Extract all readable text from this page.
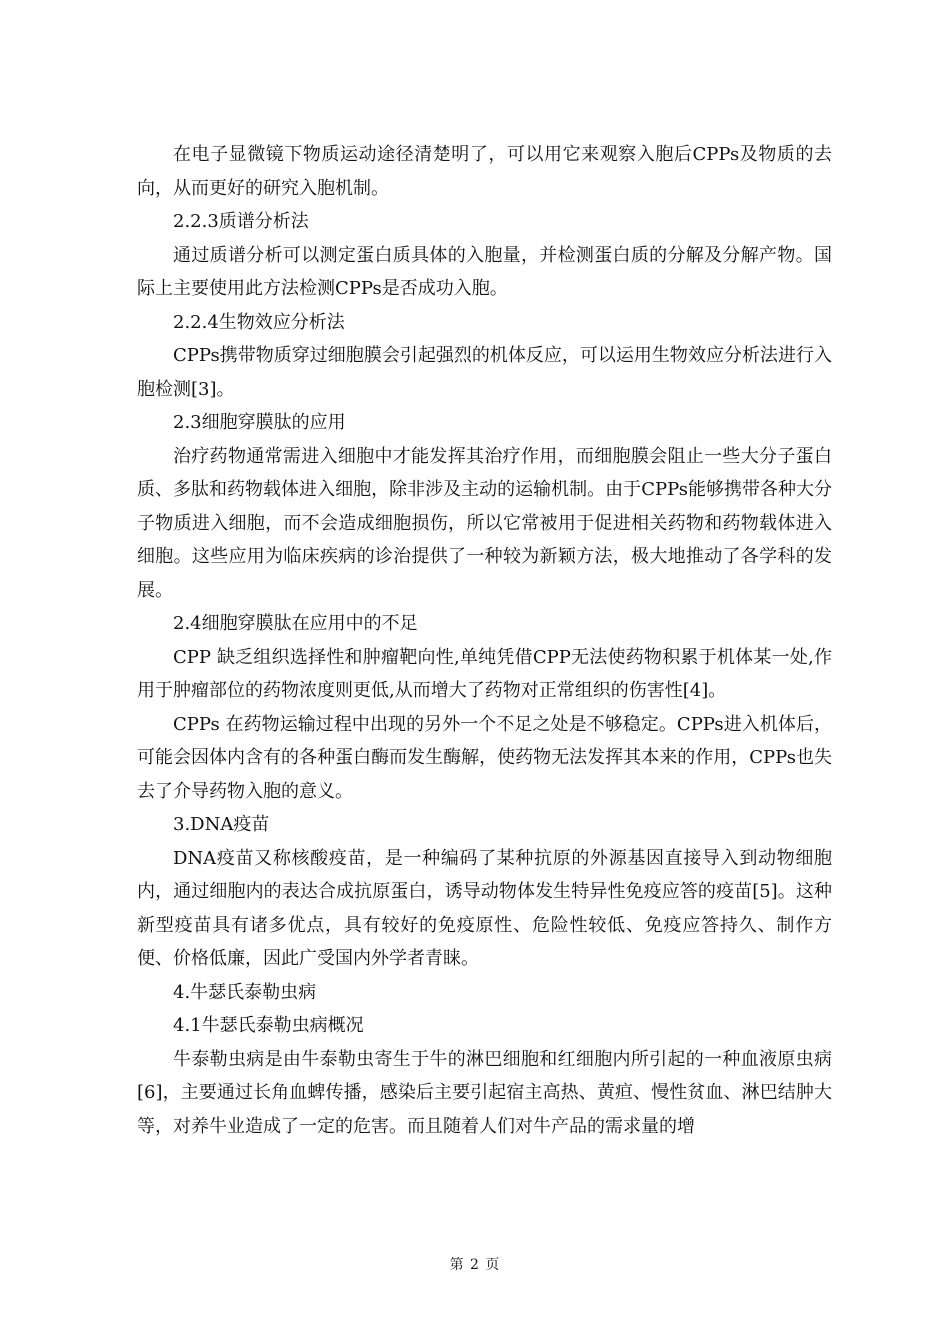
在电子显微镜下物质运动途径清楚明了，可以用它来观察入胞后CPPs及物质的去向，从而更好的研究入胞机制。

2.2.3质谱分析法

通过质谱分析可以测定蛋白质具体的入胞量，并检测蛋白质的分解及分解产物。国际上主要使用此方法检测CPPs是否成功入胞。

2.2.4生物效应分析法

CPPs携带物质穿过细胞膜会引起强烈的机体反应，可以运用生物效应分析法进行入胞检测[3]。

2.3细胞穿膜肽的应用

治疗药物通常需进入细胞中才能发挥其治疗作用，而细胞膜会阻止一些大分子蛋白质、多肽和药物载体进入细胞，除非涉及主动的运输机制。由于CPPs能够携带各种大分子物质进入细胞，而不会造成细胞损伤，所以它常被用于促进相关药物和药物载体进入细胞。这些应用为临床疾病的诊治提供了一种较为新颖方法，极大地推动了各学科的发展。

2.4细胞穿膜肽在应用中的不足

CPP 缺乏组织选择性和肿瘤靶向性,单纯凭借CPP无法使药物积累于机体某一处,作用于肿瘤部位的药物浓度则更低,从而增大了药物对正常组织的伤害性[4]。

CPPs 在药物运输过程中出现的另外一个不足之处是不够稳定。CPPs进入机体后，可能会因体内含有的各种蛋白酶而发生酶解，使药物无法发挥其本来的作用，CPPs也失去了介导药物入胞的意义。

3.DNA疫苗

DNA疫苗又称核酸疫苗，是一种编码了某种抗原的外源基因直接导入到动物细胞内，通过细胞内的表达合成抗原蛋白，诱导动物体发生特异性免疫应答的疫苗[5]。这种新型疫苗具有诸多优点，具有较好的免疫原性、危险性较低、免疫应答持久、制作方便、价格低廉，因此广受国内外学者青睐。

4.牛瑟氏泰勒虫病

4.1牛瑟氏泰勒虫病概况

牛泰勒虫病是由牛泰勒虫寄生于牛的淋巴细胞和红细胞内所引起的一种血液原虫病[6]，主要通过长角血蜱传播，感染后主要引起宿主高热、黄疸、慢性贫血、淋巴结肿大等，对养牛业造成了一定的危害。而且随着人们对牛产品的需求量的增

第 2 页
